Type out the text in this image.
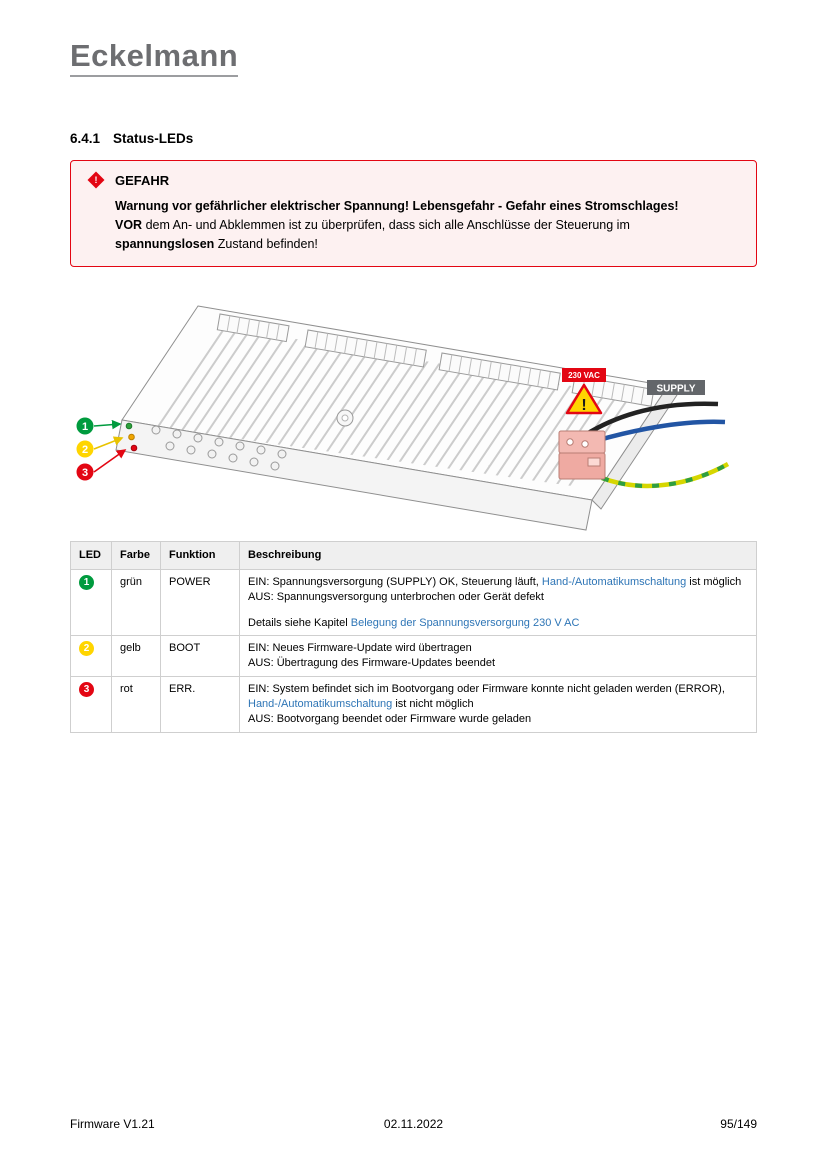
Eckelmann
6.4.1 Status-LEDs
! GEFAHR
Warnung vor gefährlicher elektrischer Spannung! Lebensgefahr - Gefahr eines Stromschlages!
VOR dem An- und Abklemmen ist zu überprüfen, dass sich alle Anschlüsse der Steuerung im
spannungslosen Zustand befinden!
230 VAC
!
SUPPLY
1
2
3
LED	Farbe	Funktion	Beschreibung
1	grün	POWER	EIN: Spannungsversorgung (SUPPLY) OK, Steuerung läuft, Hand-/Automatikumschaltung ist möglich
AUS: Spannungsversorgung unterbrochen oder Gerät defekt
Details siehe Kapitel Belegung der Spannungsversorgung 230 V AC

2	gelb	BOOT	EIN: Neues Firmware-Update wird übertragen
AUS: Übertragung des Firmware-Updates beendet

3	rot	ERR.	EIN: System befindet sich im Bootvorgang oder Firmware konnte nicht geladen werden (ERROR),
Hand-/Automatikumschaltung ist nicht möglich
AUS: Bootvorgang beendet oder Firmware wurde geladen
Firmware V1.21	02.11.2022	95/149
